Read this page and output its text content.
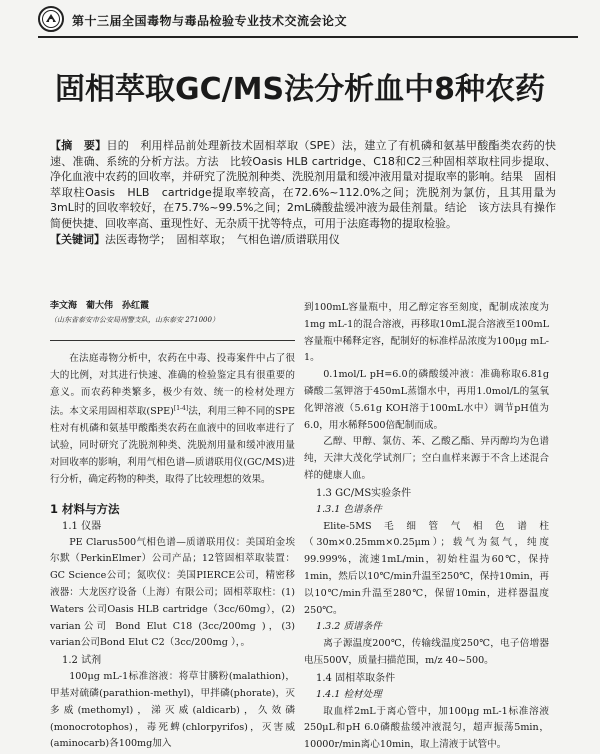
第十三届全国毒物与毒品检验专业技术交流会论文
固相萃取GC/MS法分析血中8种农药

【摘　要】目的　利用样品前处理新技术固相萃取（SPE）法，建立了有机磷和氨基甲酸酯类农药的快速、准确、系统的分析方法。方法　比较Oasis HLB cartridge、C18和C2三种固相萃取柱同步提取、净化血液中农药的回收率，并研究了洗脱剂种类、洗脱剂用量和缓冲液用量对提取率的影响。结果　固相萃取柱Oasis　HLB　cartridge提取率较高，在72.6%~112.0%之间；洗脱剂为氯仿，且其用量为3mL时的回收率较好，在75.7%~99.5%之间；2mL磷酸盐缓冲液为最佳剂量。结论　该方法具有操作简便快捷、回收率高、重现性好、无杂质干扰等特点，可用于法庭毒物的提取检验。

【关键词】法医毒物学；　固相萃取；　气相色谱/质谱联用仪

李文海　葡大伟　孙红霞
（山东省泰安市公安局刑警支队，山东泰安 271000）

在法庭毒物分析中，农药在中毒、投毒案件中占了很大的比例，对其进行快速、准确的检验鉴定具有很重要的意义。而农药种类繁多，极少有效、统一的检材处理方法。本文采用固相萃取(SPE)[1-4]法，利用三种不同的SPE柱对有机磷和氨基甲酸酯类农药在血液中的回收率进行了试验，同时研究了洗脱剂种类、洗脱剂用量和缓冲液用量对回收率的影响，利用气相色谱—质谱联用仪(GC/MS)进行分析，确定药物的种类，取得了比较理想的效果。

1 材料与方法
1.1 仪器

PE Clarus500气相色谱—质谱联用仪：美国珀金埃尔默（PerkinElmer）公司产品；12管固相萃取装置：GC Science公司；氮吹仪：美国PIERCE公司，精密移液器：大龙医疗设备（上海）有限公司；固相萃取柱：(1) Waters 公司Oasis HLB cartridge（3cc/60mg），(2) varian公司 Bond Elut C18 (3cc/200mg )，(3) varian公司Bond Elut C2（3cc/200mg ），。

1.2 试剂

100μg mL-1标准溶液：将草甘膦粉(malathion)，甲基对硫磷(parathion-methyl)，甲拌磷(phorate)，灭多威(methomyl)，涕灭威(aldicarb)，久效磷(monocrotophos)，毒死蜱(chlorpyrifos)，灭害威(aminocarb)各100mg加入

到100mL容量瓶中，用乙醇定容至刻度，配制成浓度为1mg mL-1的混合溶液，再移取10mL混合溶液至100mL容量瓶中稀释定容，配制好的标准样品浓度为100μg mL-1。

0.1mol/L pH=6.0的磷酸缓冲液：准确称取6.81g磷酸二氢钾溶于450mL蒸馏水中，再用1.0mol/L的氢氧化钾溶液（5.61g KOH溶于100mL水中）调节pH值为6.0，用水稀释500倍配制而成。

乙醇、甲醇、氯仿、苯、乙酸乙酯、异丙醇均为色谱纯，天津大茂化学试剂厂；空白血样来源于不含上述混合样的健康人血。

1.3 GC/MS实验条件
1.3.1 色谱条件

Elite-5MS毛细管气相色谱柱（30m×0.25mm×0.25μm）；载气为氦气，纯度99.999%，流速1mL/min，初始柱温为60℃，保持1min，然后以10℃/min升温至250℃，保持10min，再以10℃/min升温至280℃，保留10min，进样器温度250℃。

1.3.2 质谱条件

离子源温度200℃，传输线温度250℃，电子倍增器电压500V，质量扫描范围，m/z 40~500。

1.4 固相萃取条件
1.4.1 检材处理

取血样2mL于离心管中，加100μg mL-1标准溶液250μL和pH 6.0磷酸盐缓冲液混匀，超声振荡5min，10000r/min离心10min，取上清液于试管中。
